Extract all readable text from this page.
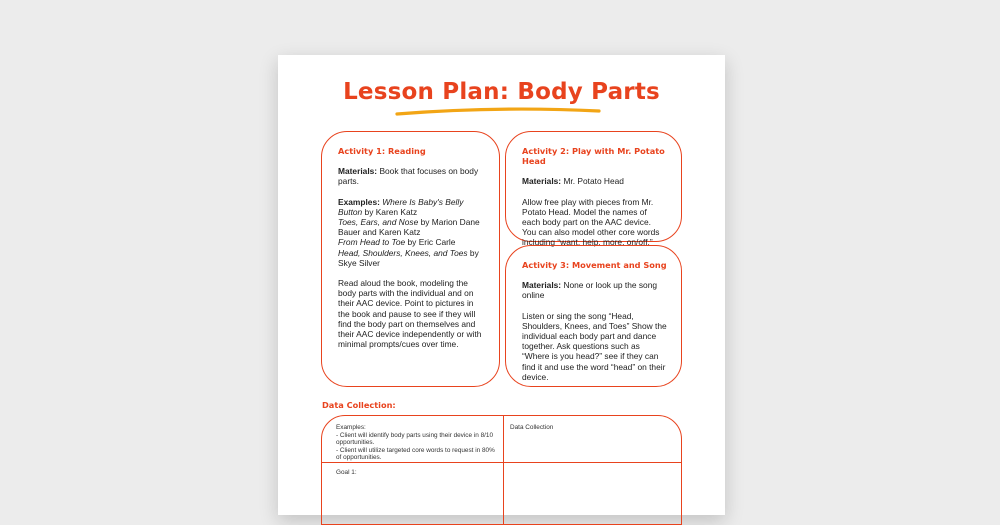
Lesson Plan: Body Parts
Activity 1: Reading

Materials: Book that focuses on body parts.

Examples: Where Is Baby's Belly Button by Karen Katz
Toes, Ears, and Nose by Marion Dane Bauer and Karen Katz
From Head to Toe by Eric Carle
Head, Shoulders, Knees, and Toes by Skye Silver

Read aloud the book, modeling the body parts with the individual and on their AAC device. Point to pictures in the book and pause to see if they will find the body part on themselves and their AAC device independently or with minimal prompts/cues over time.

Activity 2: Play with Mr. Potato Head

Materials: Mr. Potato Head

Allow free play with pieces from Mr. Potato Head. Model the names of each body part on the AAC device. You can also model other core words including “want, help, more, on/off.”

Activity 3: Movement and Song

Materials: None or look up the song online

Listen or sing the song “Head, Shoulders, Knees, and Toes” Show the individual each body part and dance together. Ask questions such as “Where is you head?” see if they can find it and use the word “head” on their device.

Data Collection:
Examples:
- Client will identify body parts using their device in 8/10 opportunities.
- Client will utilize targeted core words to request in 80% of opportunities.
Data Collection
Goal 1:
